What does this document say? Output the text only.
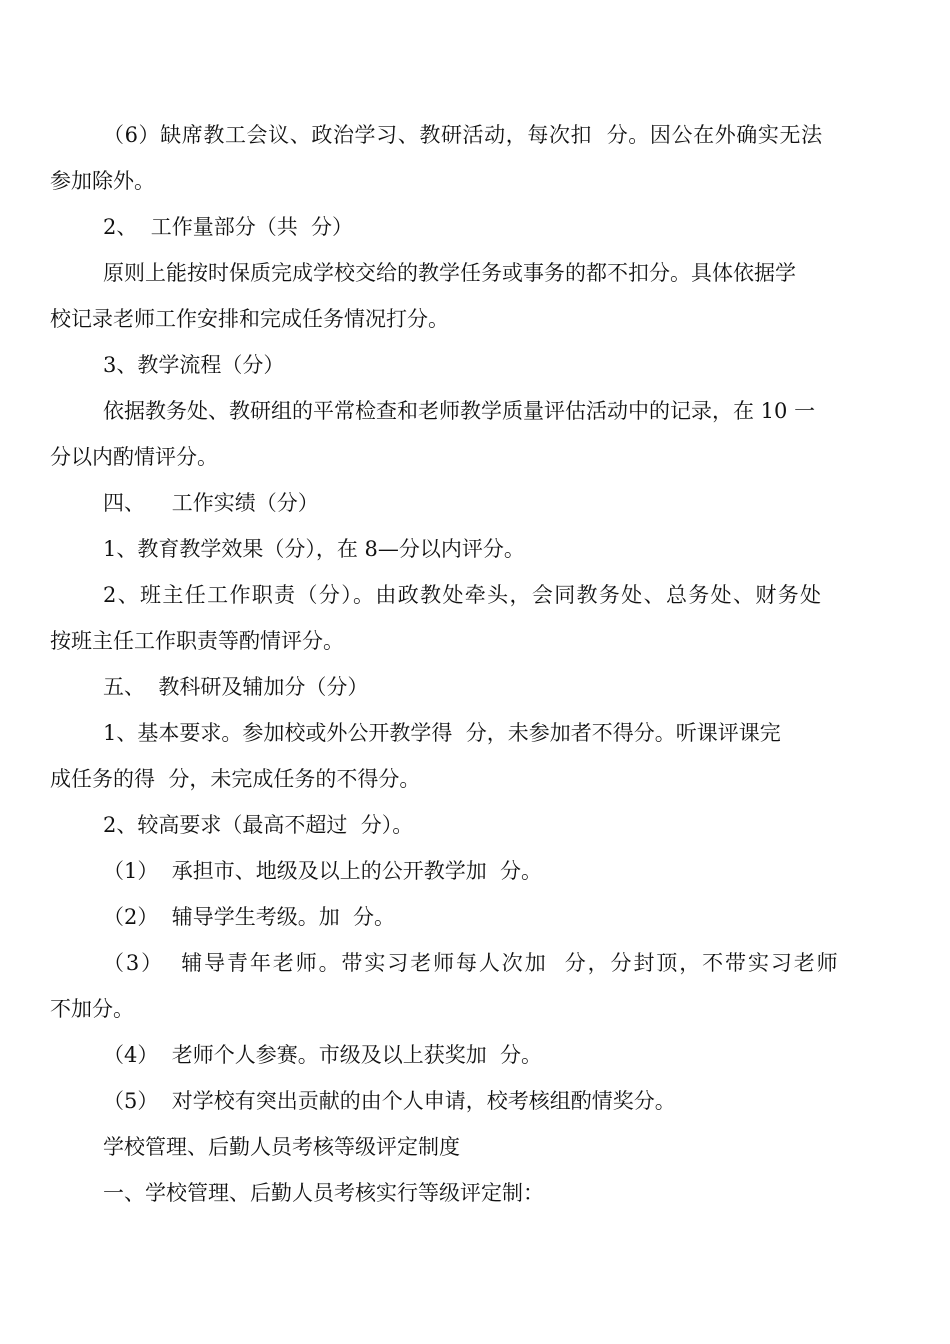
（6）缺席教工会议、政治学习、教研活动，每次扣  分。因公在外确实无法
参加除外。
2、  工作量部分（共  分）
原则上能按时保质完成学校交给的教学任务或事务的都不扣分。具体依据学
校记录老师工作安排和完成任务情况打分。
3、教学流程（分）
依据教务处、教研组的平常检查和老师教学质量评估活动中的记录，在 10 一
分以内酌情评分。
四、    工作实绩（分）
1、教育教学效果（分），在 8—分以内评分。
2、班主任工作职责（分）。由政教处牵头，会同教务处、总务处、财务处
按班主任工作职责等酌情评分。
五、  教科研及辅加分（分）
1、基本要求。参加校或外公开教学得  分，未参加者不得分。听课评课完
成任务的得  分，未完成任务的不得分。
2、较高要求（最高不超过  分）。
（1）  承担市、地级及以上的公开教学加  分。
（2）  辅导学生考级。加  分。
（3）  辅导青年老师。带实习老师每人次加  分，分封顶，不带实习老师
不加分。
（4）  老师个人参赛。市级及以上获奖加  分。
（5）  对学校有突出贡献的由个人申请，校考核组酌情奖分。
学校管理、后勤人员考核等级评定制度
一、学校管理、后勤人员考核实行等级评定制：
